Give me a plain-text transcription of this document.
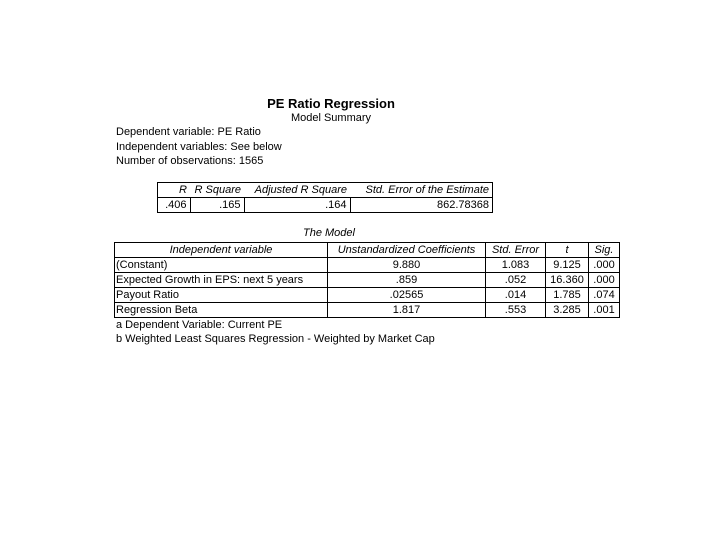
PE Ratio Regression
Model Summary
Dependent variable: PE Ratio
Independent variables: See below
Number of observations: 1565
R	R Square	Adjusted R Square	Std. Error of the Estimate
.406	.165	.164	862.78368
The Model
Independent variable	Unstandardized Coefficients	Std. Error	t	Sig.
(Constant)	9.880	1.083	9.125	.000
Expected Growth in EPS: next 5 years	.859	.052	16.360	.000
Payout Ratio	.02565	.014	1.785	.074
Regression Beta	1.817	.553	3.285	.001
a Dependent Variable: Current PE
b Weighted Least Squares Regression - Weighted by Market Cap
